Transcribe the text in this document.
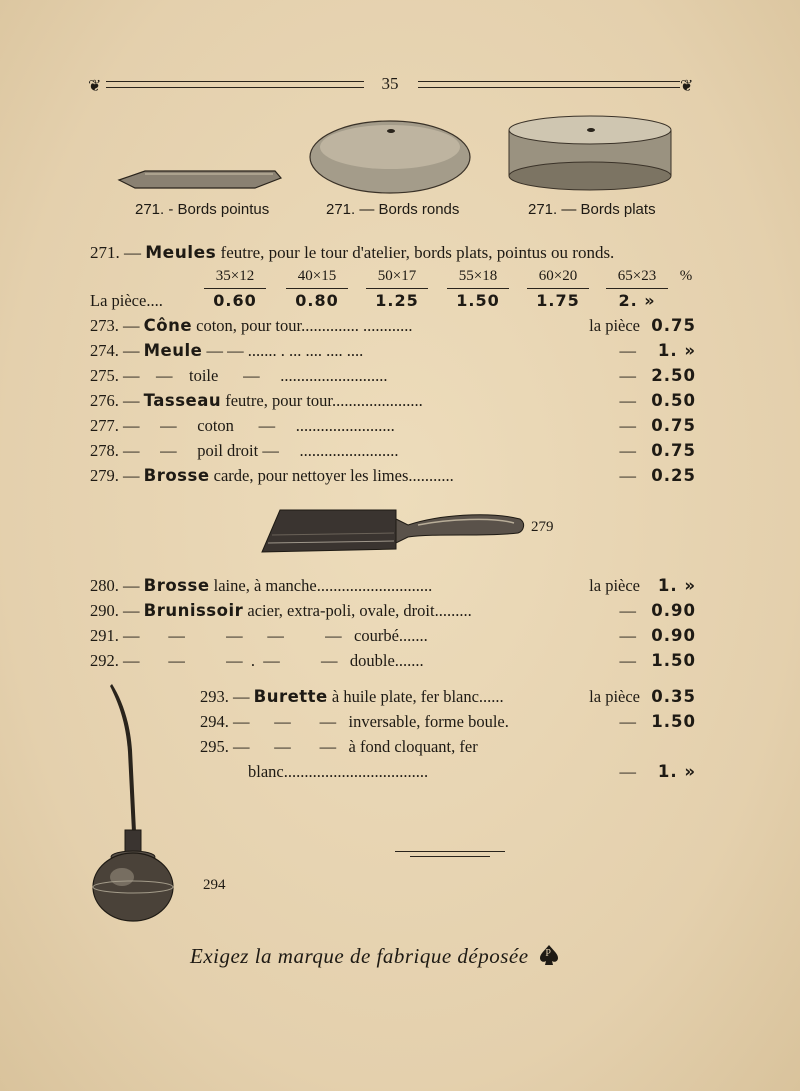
❦	35	❦
271. - Bords pointus	271. — Bords ronds	271. — Bords plats
271. — Meules feutre, pour le tour d'atelier, bords plats, pointus ou ronds.
35×12	40×15	50×17	55×18	60×20	65×23	%
La pièce....	0.60	0.80	1.25	1.50	1.75	2. »
273. — Cône coton, pour tour.............. ............	la pièce 0.75
274. — Meule — — ....... . ... .... .... ....	—	1. »
275. —    —    toile      —     ..........................	— 2.50
276. — Tasseau feutre, pour tour......................	— 0.50
277. —     —     coton      —     ........................	— 0.75
278. —     —     poil droit —     ........................	— 0.75
279. — Brosse carde, pour nettoyer les limes...........	— 0.25
279
280. — Brosse laine, à manche............................	la pièce	1. »
290. — Brunissoir acier, extra-poli, ovale, droit.........	— 0.90
291. —       —          —      —          —   courbé.......	— 0.90
292. —       —          —  .  —          —   double.......	— 1.50
293. — Burette à huile plate, fer blanc......	la pièce 0.35
294. —      —       —   inversable, forme boule.	— 1.50
295. —      —       —   à fond cloquant, fer
blanc...................................	—	1. »
294
Exigez la marque de fabrique déposée P
